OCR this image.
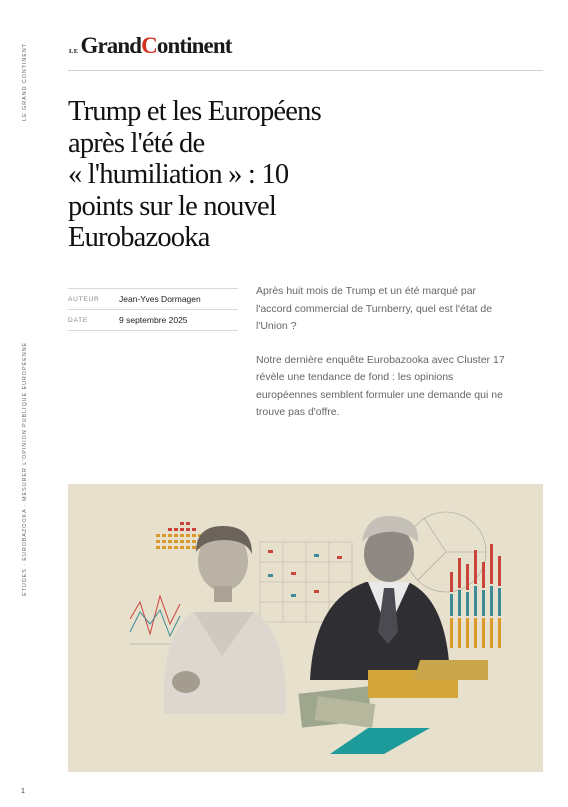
LE GRAND CONTINENT
ÉTUDES · EUROBAZOOKA · MESURER L'OPINION PUBLIQUE EUROPÉENNE
LE GrandContinent
Trump et les Européens
après l'été de
« l'humiliation » : 10
points sur le nouvel
Eurobazooka
AUTEUR	Jean-Yves Dormagen
DATE	9 septembre 2025

Après huit mois de Trump et un été marqué par l'accord commercial de Turnberry, quel est l'état de l'Union ?

Notre dernière enquête Eurobazooka avec Cluster 17 révèle une tendance de fond : les opinions européennes semblent formuler une demande qui ne trouve pas d'offre.

1
